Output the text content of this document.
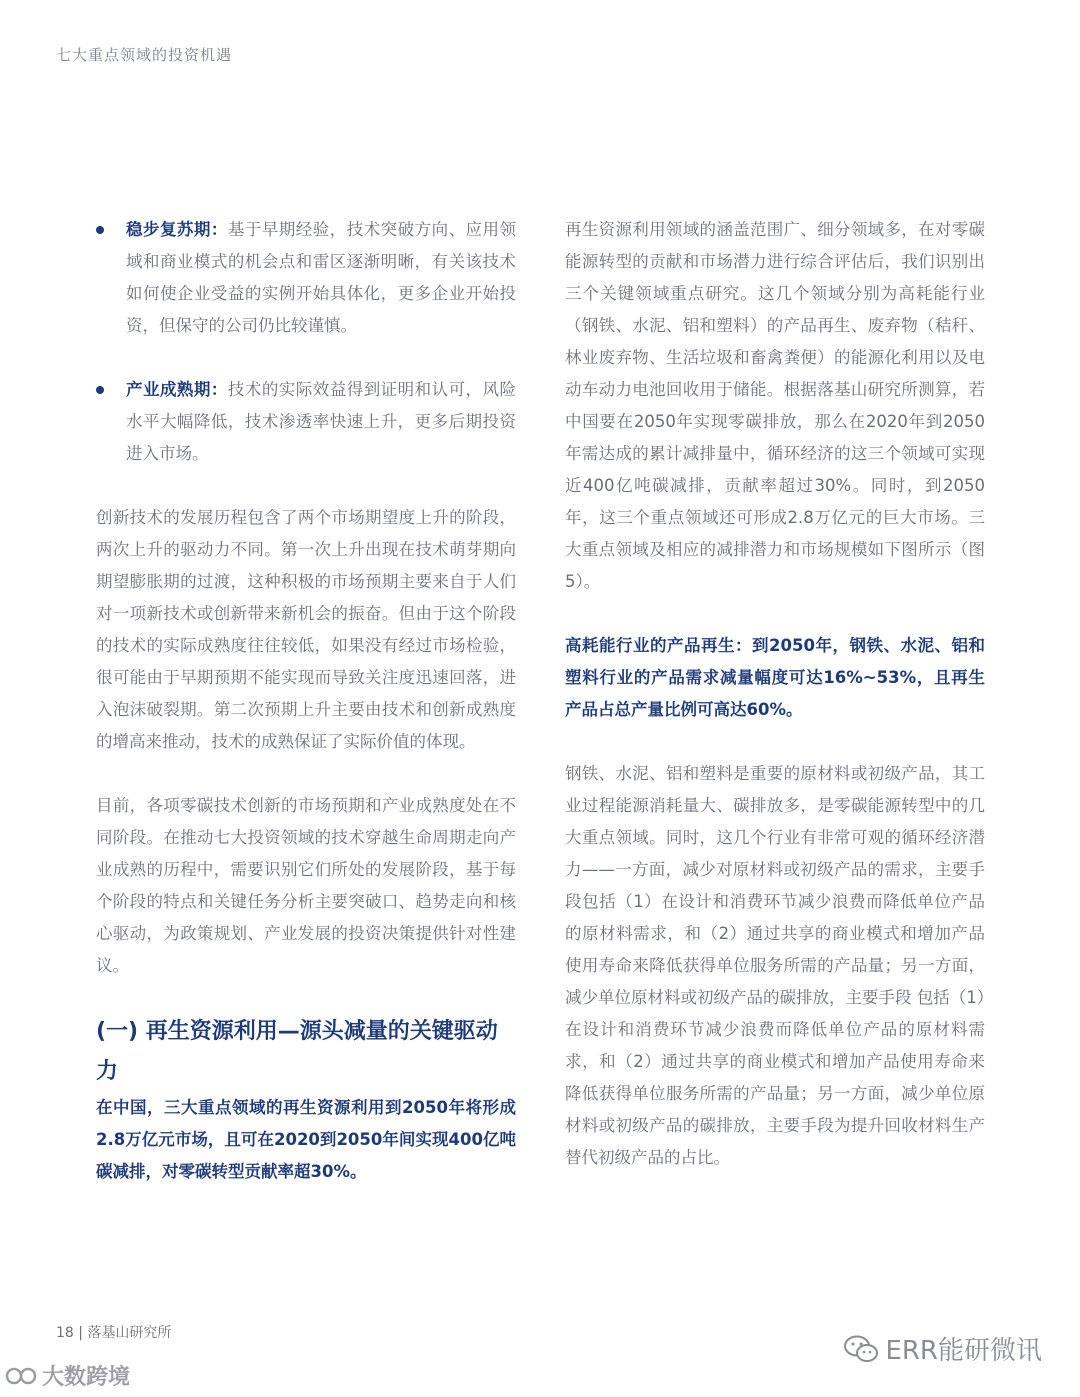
七大重点领域的投资机遇

稳步复苏期：基于早期经验，技术突破方向、应用领域和商业模式的机会点和雷区逐渐明晰，有关该技术如何使企业受益的实例开始具体化，更多企业开始投资，但保守的公司仍比较谨慎。

产业成熟期：技术的实际效益得到证明和认可，风险水平大幅降低，技术渗透率快速上升，更多后期投资进入市场。

创新技术的发展历程包含了两个市场期望度上升的阶段，两次上升的驱动力不同。第一次上升出现在技术萌芽期向期望膨胀期的过渡，这种积极的市场预期主要来自于人们对一项新技术或创新带来新机会的振奋。但由于这个阶段的技术的实际成熟度往往较低，如果没有经过市场检验，很可能由于早期预期不能实现而导致关注度迅速回落，进入泡沫破裂期。第二次预期上升主要由技术和创新成熟度的增高来推动，技术的成熟保证了实际价值的体现。

目前，各项零碳技术创新的市场预期和产业成熟度处在不同阶段。在推动七大投资领域的技术穿越生命周期走向产业成熟的历程中，需要识别它们所处的发展阶段，基于每个阶段的特点和关键任务分析主要突破口、趋势走向和核心驱动，为政策规划、产业发展的投资决策提供针对性建议。

(一) 再生资源利用—源头减量的关键驱动力

在中国，三大重点领域的再生资源利用到2050年将形成2.8万亿元市场，且可在2020到2050年间实现400亿吨碳减排，对零碳转型贡献率超30%。

再生资源利用领域的涵盖范围广、细分领域多，在对零碳能源转型的贡献和市场潜力进行综合评估后，我们识别出三个关键领域重点研究。这几个领域分别为高耗能行业（钢铁、水泥、铝和塑料）的产品再生、废弃物（秸秆、林业废弃物、生活垃圾和畜禽粪便）的能源化利用以及电动车动力电池回收用于储能。根据落基山研究所测算，若中国要在2050年实现零碳排放，那么在2020年到2050年需达成的累计减排量中，循环经济的这三个领域可实现近400亿吨碳减排，贡献率超过30%。同时，到2050年，这三个重点领域还可形成2.8万亿元的巨大市场。三大重点领域及相应的减排潜力和市场规模如下图所示（图 5）。

高耗能行业的产品再生：到2050年，钢铁、水泥、铝和塑料行业的产品需求减量幅度可达16%~53%，且再生产品占总产量比例可高达60%。

钢铁、水泥、铝和塑料是重要的原材料或初级产品，其工业过程能源消耗量大、碳排放多，是零碳能源转型中的几大重点领域。同时，这几个行业有非常可观的循环经济潜力——一方面，减少对原材料或初级产品的需求，主要手段包括（1）在设计和消费环节减少浪费而降低单位产品的原材料需求，和（2）通过共享的商业模式和增加产品使用寿命来降低获得单位服务所需的产品量；另一方面，减少单位原材料或初级产品的碳排放，主要手段 包括（1）在设计和消费环节减少浪费而降低单位产品的原材料需求，和（2）通过共享的商业模式和增加产品使用寿命来降低获得单位服务所需的产品量；另一方面，减少单位原材料或初级产品的碳排放，主要手段为提升回收材料生产替代初级产品的占比。

18 | 落基山研究所
ERR能研微讯
大数跨境
